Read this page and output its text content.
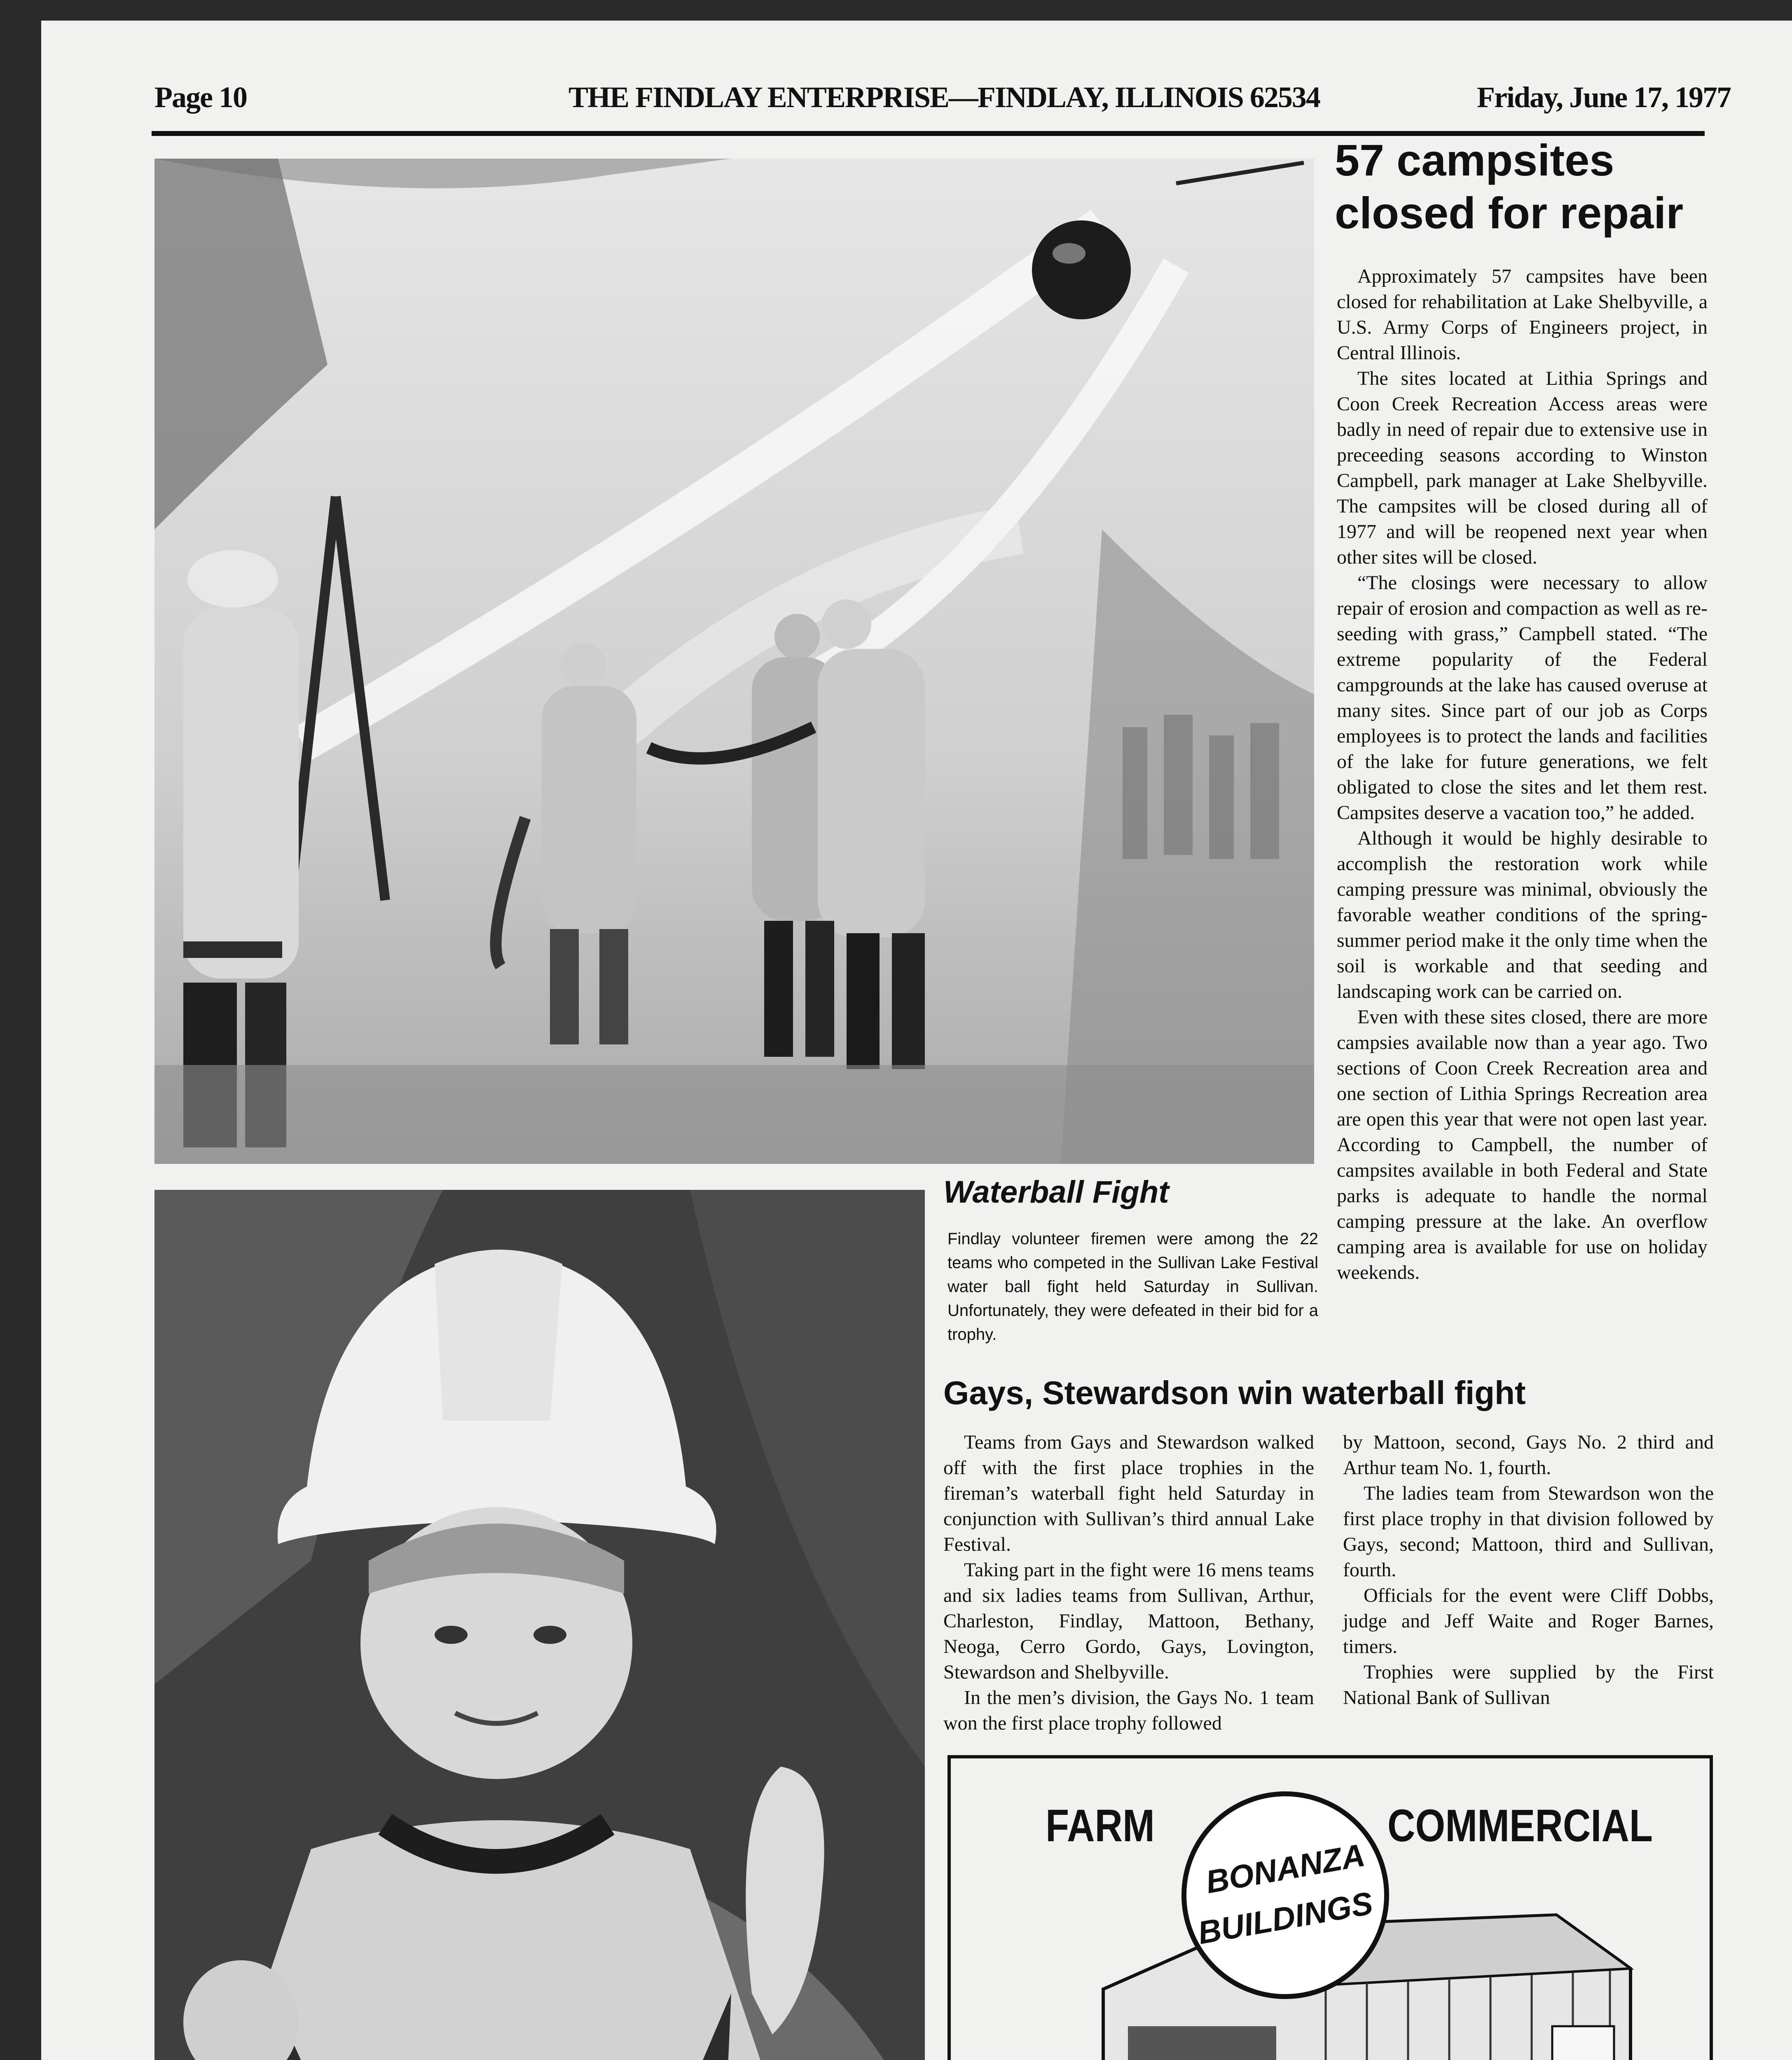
Page 10	THE FINDLAY ENTERPRISE—FINDLAY, ILLINOIS 62534	Friday, June 17, 1977
57 campsites
closed for repair

Approximately 57 campsites have been closed for rehabilitation at Lake Shelbyville, a U.S. Army Corps of Engineers project, in Central Illinois.

The sites located at Lithia Springs and Coon Creek Recreation Access areas were badly in need of repair due to extensive use in preceeding seasons according to Winston Campbell, park manager at Lake Shelbyville. The campsites will be closed during all of 1977 and will be reopened next year when other sites will be closed.

“The closings were necessary to allow repair of erosion and compaction as well as re-seeding with grass,” Campbell stated. “The extreme popularity of the Federal campgrounds at the lake has caused overuse at many sites. Since part of our job as Corps employees is to protect the lands and facilities of the lake for future generations, we felt obligated to close the sites and let them rest. Campsites deserve a vacation too,” he added.

Although it would be highly desirable to accomplish the restoration work while camping pressure was minimal, obviously the favorable weather conditions of the spring-summer period make it the only time when the soil is workable and that seeding and landscaping work can be carried on.

Even with these sites closed, there are more campsies available now than a year ago. Two sections of Coon Creek Recreation area and one section of Lithia Springs Recreation area are open this year that were not open last year. According to Campbell, the number of campsites available in both Federal and State parks is adequate to handle the normal camping pressure at the lake. An overflow camping area is available for use on holiday weekends.

Waterball Fight
Findlay volunteer firemen were among the 22 teams who competed in the Sullivan Lake Festival water ball fight held Saturday in Sullivan. Unfortunately, they were defeated in their bid for a trophy.
Gays, Stewardson win waterball fight

Teams from Gays and Stewardson walked off with the first place trophies in the fireman’s waterball fight held Saturday in conjunction with Sullivan’s third annual Lake Festival.

Taking part in the fight were 16 mens teams and six ladies teams from Sullivan, Arthur, Charleston, Findlay, Mattoon, Bethany, Neoga, Cerro Gordo, Gays, Lovington, Stewardson and Shelbyville.

In the men’s division, the Gays No. 1 team won the first place trophy followed

by Mattoon, second, Gays No. 2 third and Arthur team No. 1, fourth.

The ladies team from Stewardson won the first place trophy in that division followed by Gays, second; Mattoon, third and Sullivan, fourth.

Officials for the event were Cliff Dobbs, judge and Jeff Waite and Roger Barnes, timers.

Trophies were supplied by the First National Bank of Sullivan

FARM	COMMERCIAL
BONANZA
BUILDINGS
